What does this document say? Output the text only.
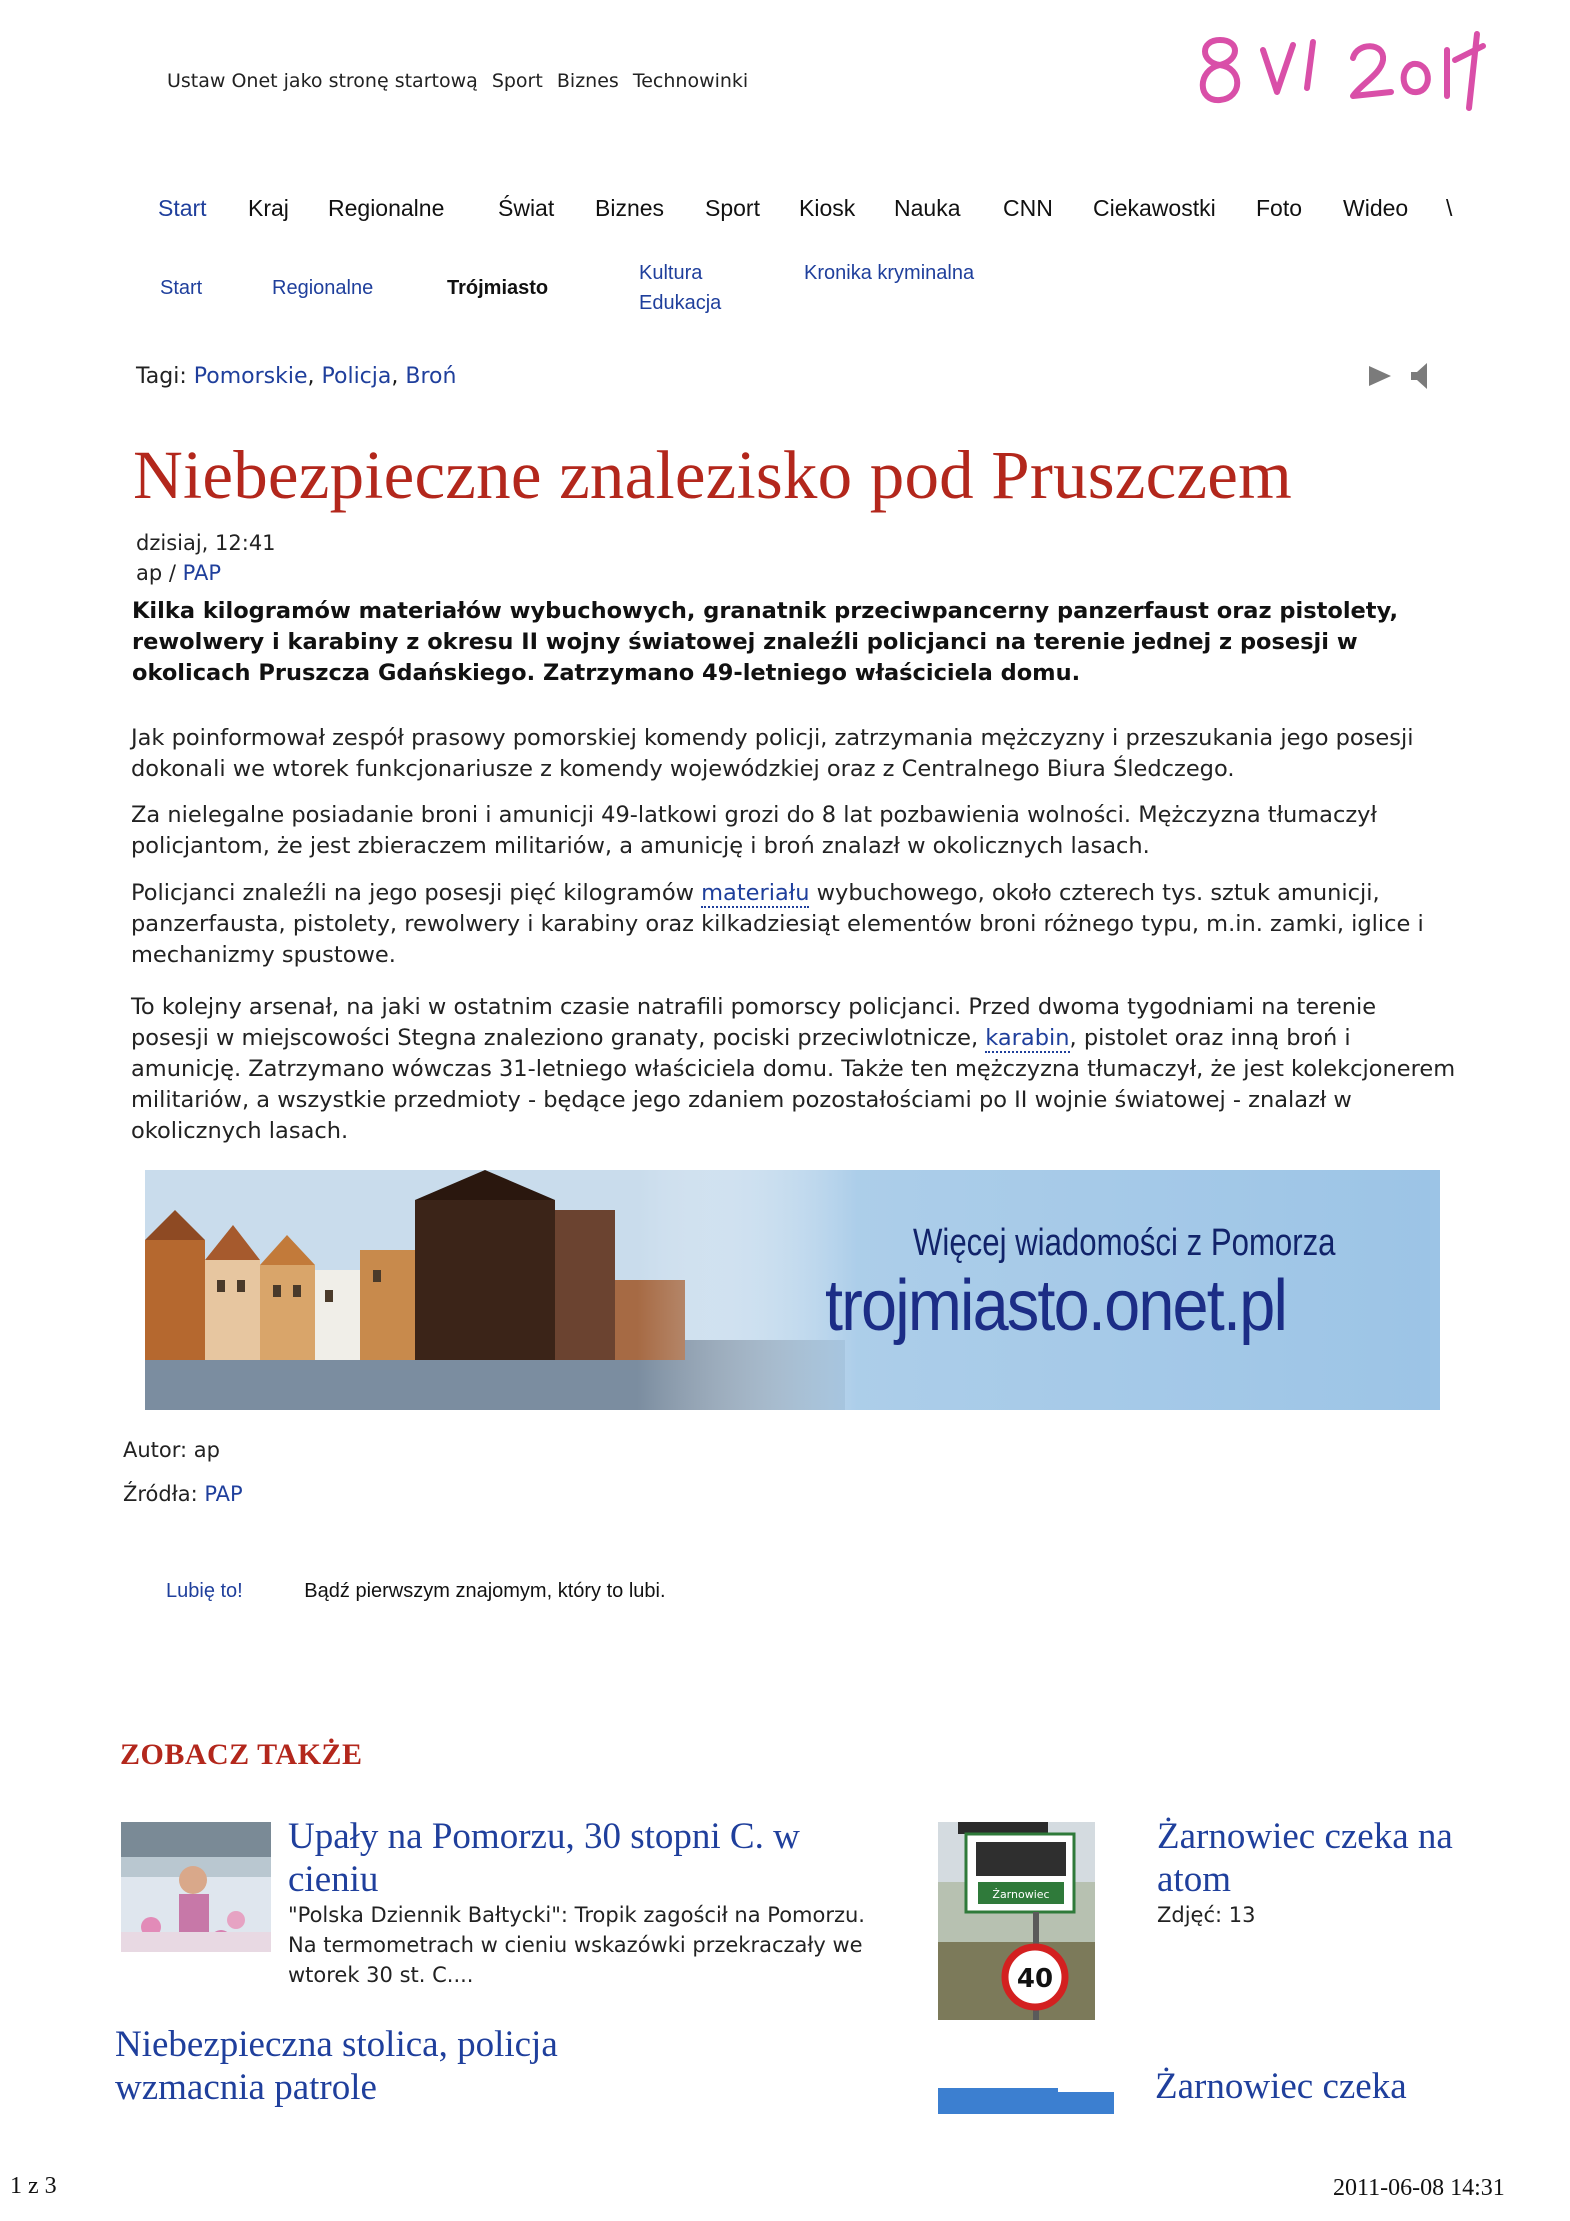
Ustaw Onet jako stronę startową Sport Biznes Technowinki
Start Kraj Regionalne Świat Biznes Sport Kiosk Nauka CNN Ciekawostki Foto Wideo \
Start	Regionalne	Trójmiasto
Kultura
Edukacja
Kronika kryminalna
Tagi: Pomorskie, Policja, Broń
Niebezpieczne znalezisko pod Pruszczem
dzisiaj, 12:41
ap / PAP

Kilka kilogramów materiałów wybuchowych, granatnik przeciwpancerny panzerfaust oraz pistolety, rewolwery i karabiny z okresu II wojny światowej znaleźli policjanci na terenie jednej z posesji w okolicach Pruszcza Gdańskiego. Zatrzymano 49-letniego właściciela domu.

Jak poinformował zespół prasowy pomorskiej komendy policji, zatrzymania mężczyzny i przeszukania jego posesji dokonali we wtorek funkcjonariusze z komendy wojewódzkiej oraz z Centralnego Biura Śledczego.

Za nielegalne posiadanie broni i amunicji 49-latkowi grozi do 8 lat pozbawienia wolności. Mężczyzna tłumaczył policjantom, że jest zbieraczem militariów, a amunicję i broń znalazł w okolicznych lasach.

Policjanci znaleźli na jego posesji pięć kilogramów materiału wybuchowego, około czterech tys. sztuk amunicji, panzerfausta, pistolety, rewolwery i karabiny oraz kilkadziesiąt elementów broni różnego typu, m.in. zamki, iglice i mechanizmy spustowe.

To kolejny arsenał, na jaki w ostatnim czasie natrafili pomorscy policjanci. Przed dwoma tygodniami na terenie posesji w miejscowości Stegna znaleziono granaty, pociski przeciwlotnicze, karabin, pistolet oraz inną broń i amunicję. Zatrzymano wówczas 31-letniego właściciela domu. Także ten mężczyzna tłumaczył, że jest kolekcjonerem militariów, a wszystkie przedmioty - będące jego zdaniem pozostałościami po II wojnie światowej - znalazł w okolicznych lasach.

Więcej wiadomości z Pomorza
trojmiasto.onet.pl
Autor: ap
Źródła: PAP
Lubię to!	Bądź pierwszym znajomym, który to lubi.
ZOBACZ TAKŻE
Upały na Pomorzu, 30 stopni C. w cieniu
"Polska Dziennik Bałtycki": Tropik zagościł na Pomorzu. Na termometrach w cieniu wskazówki przekraczały we wtorek 30 st. C....
Żarnowiec
40
Żarnowiec czeka na atom
Zdjęć: 13
Niebezpieczna stolica, policja wzmacnia patrole	Żarnowiec czeka
1 z 3	2011-06-08 14:31
